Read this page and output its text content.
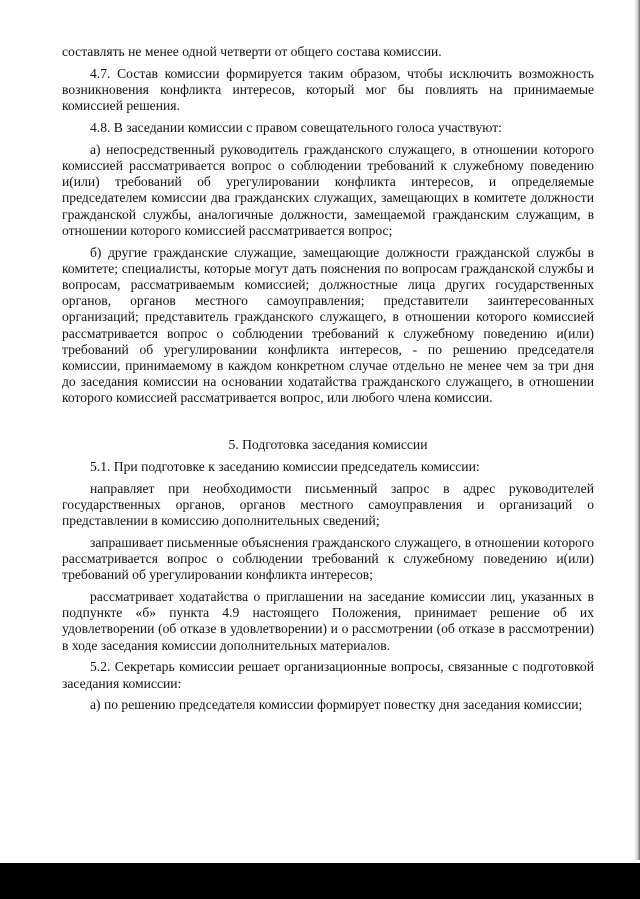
составлять не менее одной четверти от общего состава комиссии.

4.7. Состав комиссии формируется таким образом, чтобы исключить возможность возникновения конфликта интересов, который мог бы повлиять на принимаемые комиссией решения.

4.8. В заседании комиссии с правом совещательного голоса участвуют:

а) непосредственный руководитель гражданского служащего, в отношении которого комиссией рассматривается вопрос о соблюдении требований к служебному поведению и(или) требований об урегулировании конфликта интересов, и определяемые председателем комиссии два гражданских служащих, замещающих в комитете должности гражданской службы, аналогичные должности, замещаемой гражданским служащим, в отношении которого комиссией рассматривается вопрос;

б) другие гражданские служащие, замещающие должности гражданской службы в комитете; специалисты, которые могут дать пояснения по вопросам гражданской службы и вопросам, рассматриваемым комиссией; должностные лица других государственных органов, органов местного самоуправления; представители заинтересованных организаций; представитель гражданского служащего, в отношении которого комиссией рассматривается вопрос о соблюдении требований к служебному поведению и(или) требований об урегулировании конфликта интересов, - по решению председателя комиссии, принимаемому в каждом конкретном случае отдельно не менее чем за три дня до заседания комиссии на основании ходатайства гражданского служащего, в отношении которого комиссией рассматривается вопрос, или любого члена комиссии.

5. Подготовка заседания комиссии

5.1. При подготовке к заседанию комиссии председатель комиссии:

направляет при необходимости письменный запрос в адрес руководителей государственных органов, органов местного самоуправления и организаций о представлении в комиссию дополнительных сведений;

запрашивает письменные объяснения гражданского служащего, в отношении которого рассматривается вопрос о соблюдении требований к служебному поведению и(или) требований об урегулировании конфликта интересов;

рассматривает ходатайства о приглашении на заседание комиссии лиц, указанных в подпункте «б» пункта 4.9 настоящего Положения, принимает решение об их удовлетворении (об отказе в удовлетворении) и о рассмотрении (об отказе в рассмотрении) в ходе заседания комиссии дополнительных материалов.

5.2. Секретарь комиссии решает организационные вопросы, связанные с подготовкой заседания комиссии:

а) по решению председателя комиссии формирует повестку дня заседания комиссии;
